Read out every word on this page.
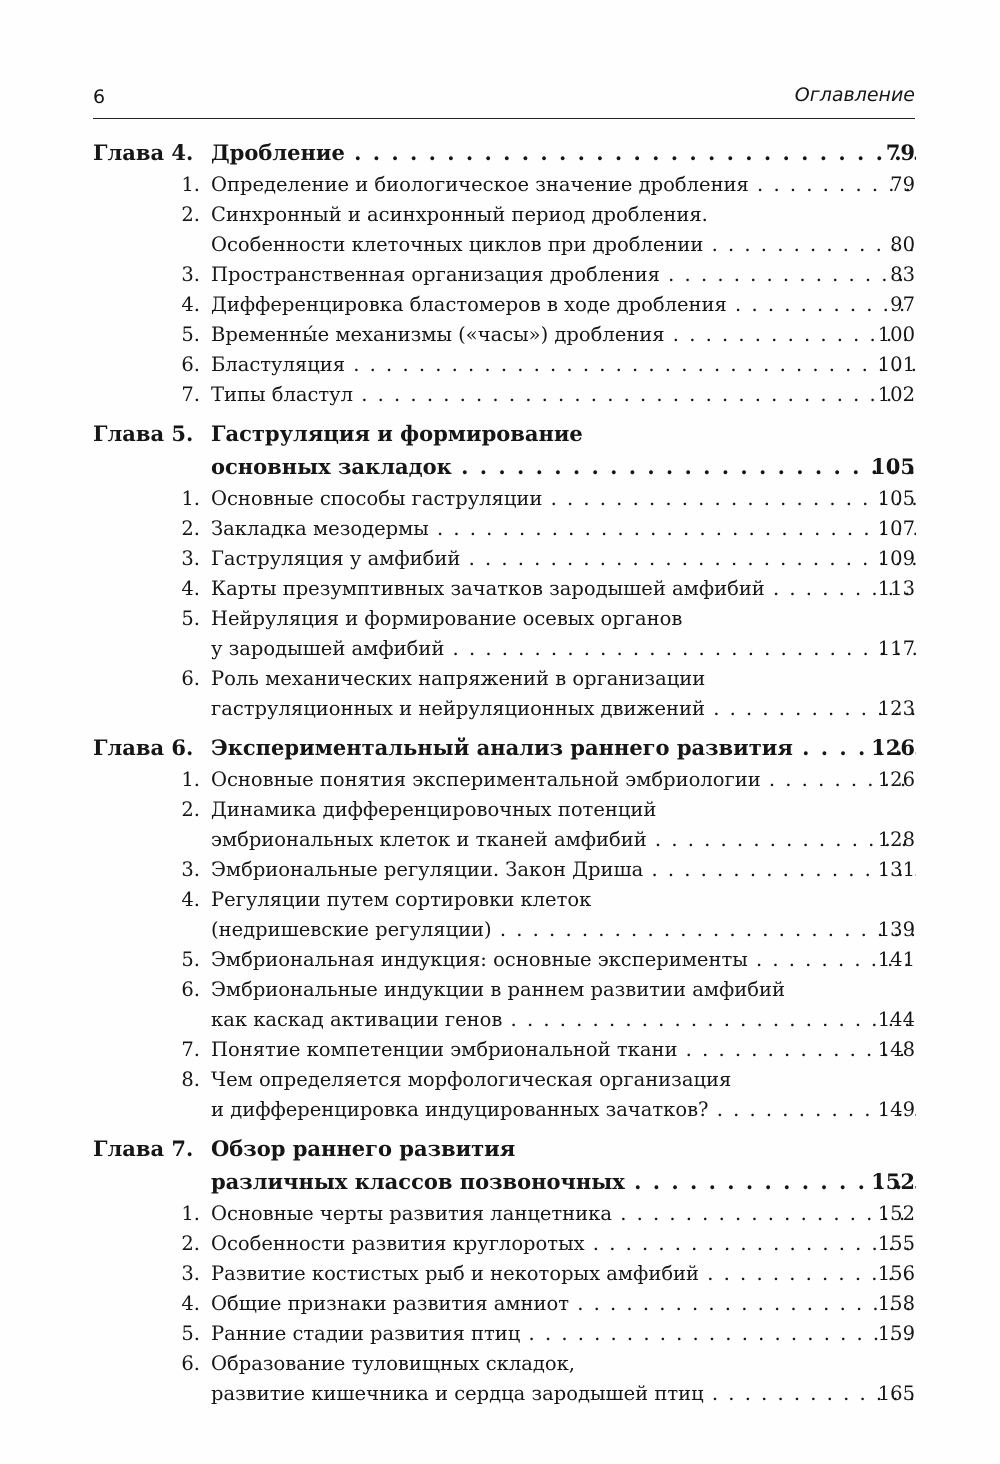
6	Оглавление
Глава 4. Дробление . . .	79
1. Определение и биологическое значение дробления . . .	79
2. Синхронный и асинхронный период дробления.
Особенности клеточных циклов при дроблении . . .	80
3. Пространственная организация дробления . . .	83
4. Дифференцировка бластомеров в ходе дробления . . .	97
5. Временны́е механизмы («часы») дробления . . .	100
6. Бластуляция . . .	101
7. Типы бластул . . .	102
Глава 5. Гаструляция и формирование
основных закладок . . .	105
1. Основные способы гаструляции . . .	105
2. Закладка мезодермы . . .	107
3. Гаструляция у амфибий . . .	109
4. Карты презумптивных зачатков зародышей амфибий . . .	113
5. Нейруляция и формирование осевых органов
у зародышей амфибий . . .	117
6. Роль механических напряжений в организации
гаструляционных и нейруляционных движений . . .	123
Глава 6. Экспериментальный анализ раннего развития . . .	126
1. Основные понятия экспериментальной эмбриологии . . .	126
2. Динамика дифференцировочных потенций
эмбриональных клеток и тканей амфибий . . .	128
3. Эмбриональные регуляции. Закон Дриша . . .	131
4. Регуляции путем сортировки клеток
(недришевские регуляции) . . .	139
5. Эмбриональная индукция: основные эксперименты . . .	141
6. Эмбриональные индукции в раннем развитии амфибий
как каскад активации генов . . .	144
7. Понятие компетенции эмбриональной ткани . . .	148
8. Чем определяется морфологическая организация
и дифференцировка индуцированных зачатков? . . .	149
Глава 7. Обзор раннего развития
различных классов позвоночных . . .	152
1. Основные черты развития ланцетника . . .	152
2. Особенности развития круглоротых . . .	155
3. Развитие костистых рыб и некоторых амфибий . . .	156
4. Общие признаки развития амниот . . .	158
5. Ранние стадии развития птиц . . .	159
6. Образование туловищных складок,
развитие кишечника и сердца зародышей птиц . . .	165
